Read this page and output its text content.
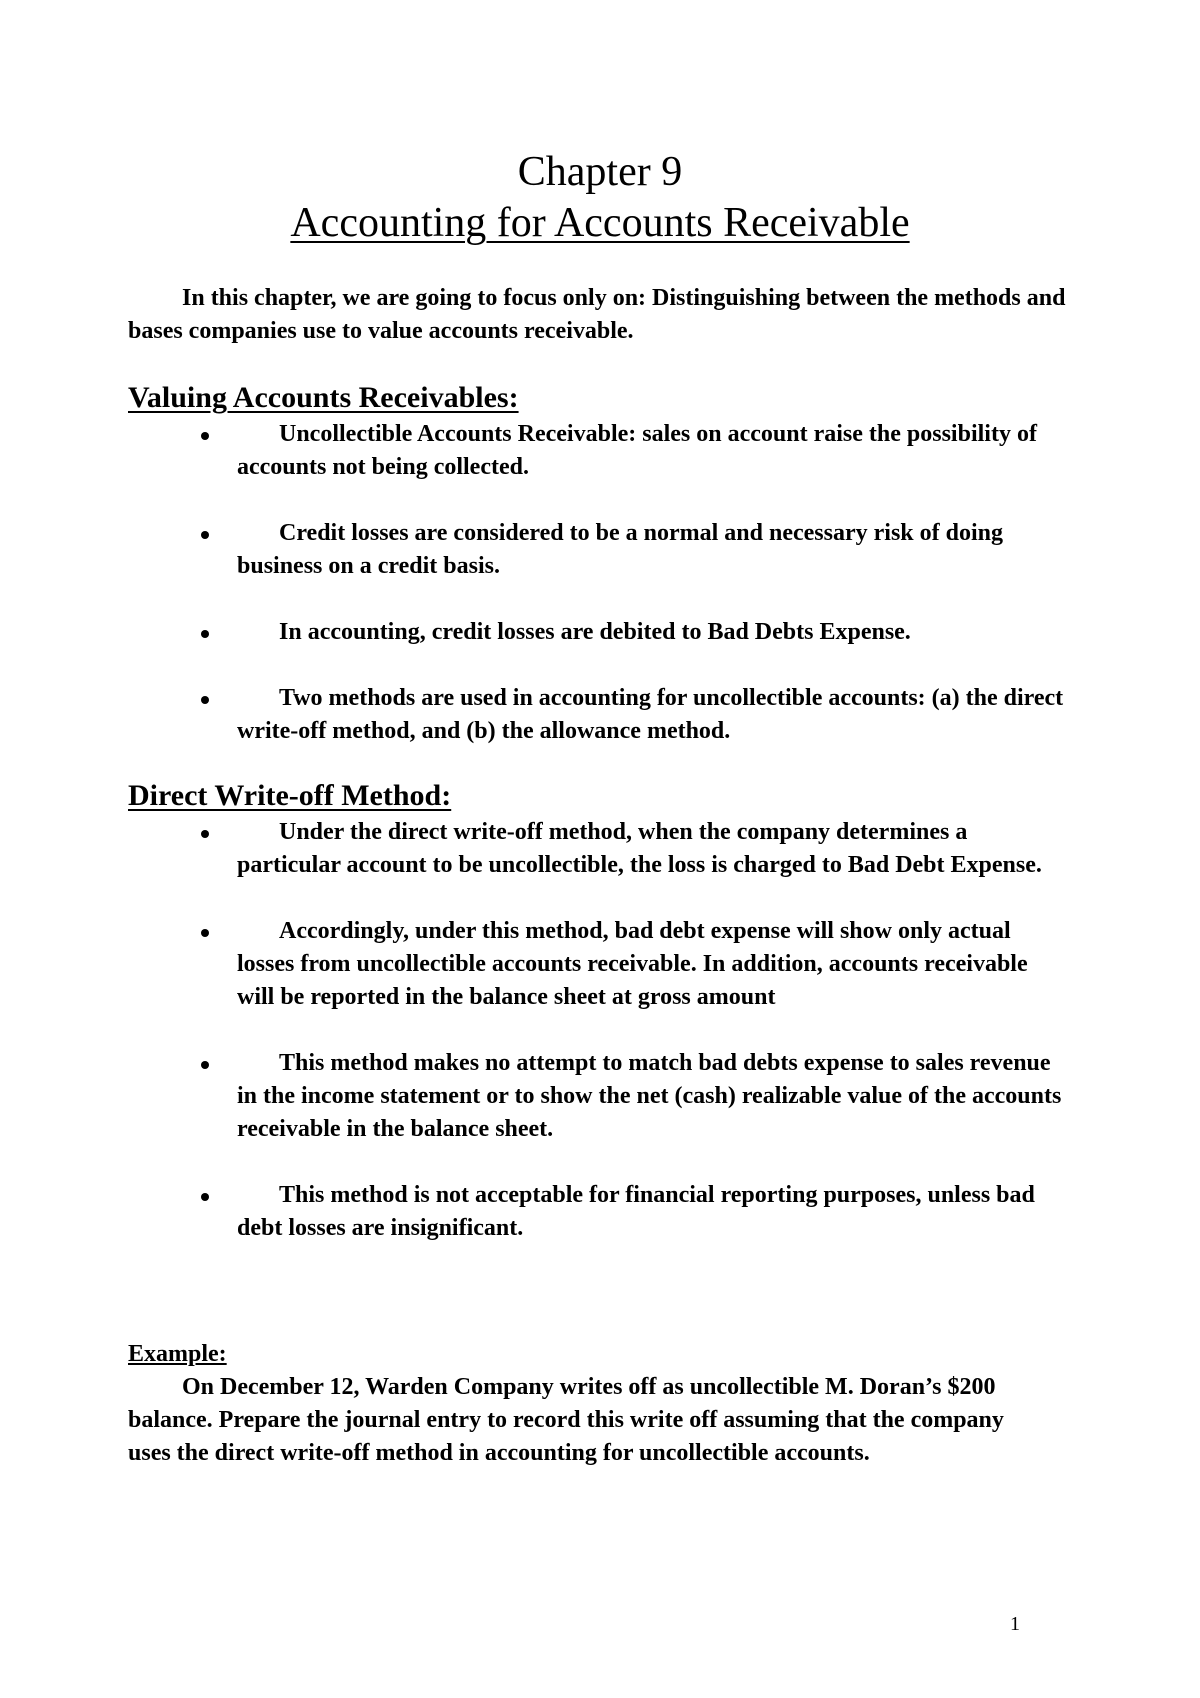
Chapter 9
Accounting for Accounts Receivable

In this chapter, we are going to focus only on: Distinguishing between the methods and bases companies use to value accounts receivable.

Valuing Accounts Receivables:
Uncollectible Accounts Receivable: sales on account raise the possibility of accounts not being collected.
Credit losses are considered to be a normal and necessary risk of doing business on a credit basis.
In accounting, credit losses are debited to Bad Debts Expense.
Two methods are used in accounting for uncollectible accounts: (a) the direct write-off method, and (b) the allowance method.
Direct Write-off Method:
Under the direct write-off method, when the company determines a particular account to be uncollectible, the loss is charged to Bad Debt Expense.
Accordingly, under this method, bad debt expense will show only actual losses from uncollectible accounts receivable. In addition, accounts receivable will be reported in the balance sheet at gross amount
This method makes no attempt to match bad debts expense to sales revenue in the income statement or to show the net (cash) realizable value of the accounts receivable in the balance sheet.
This method is not acceptable for financial reporting purposes, unless bad debt losses are insignificant.

Example:

On December 12, Warden Company writes off as uncollectible M. Doran’s $200 balance. Prepare the journal entry to record this write off assuming that the company uses the direct write-off method in accounting for uncollectible accounts.

1
